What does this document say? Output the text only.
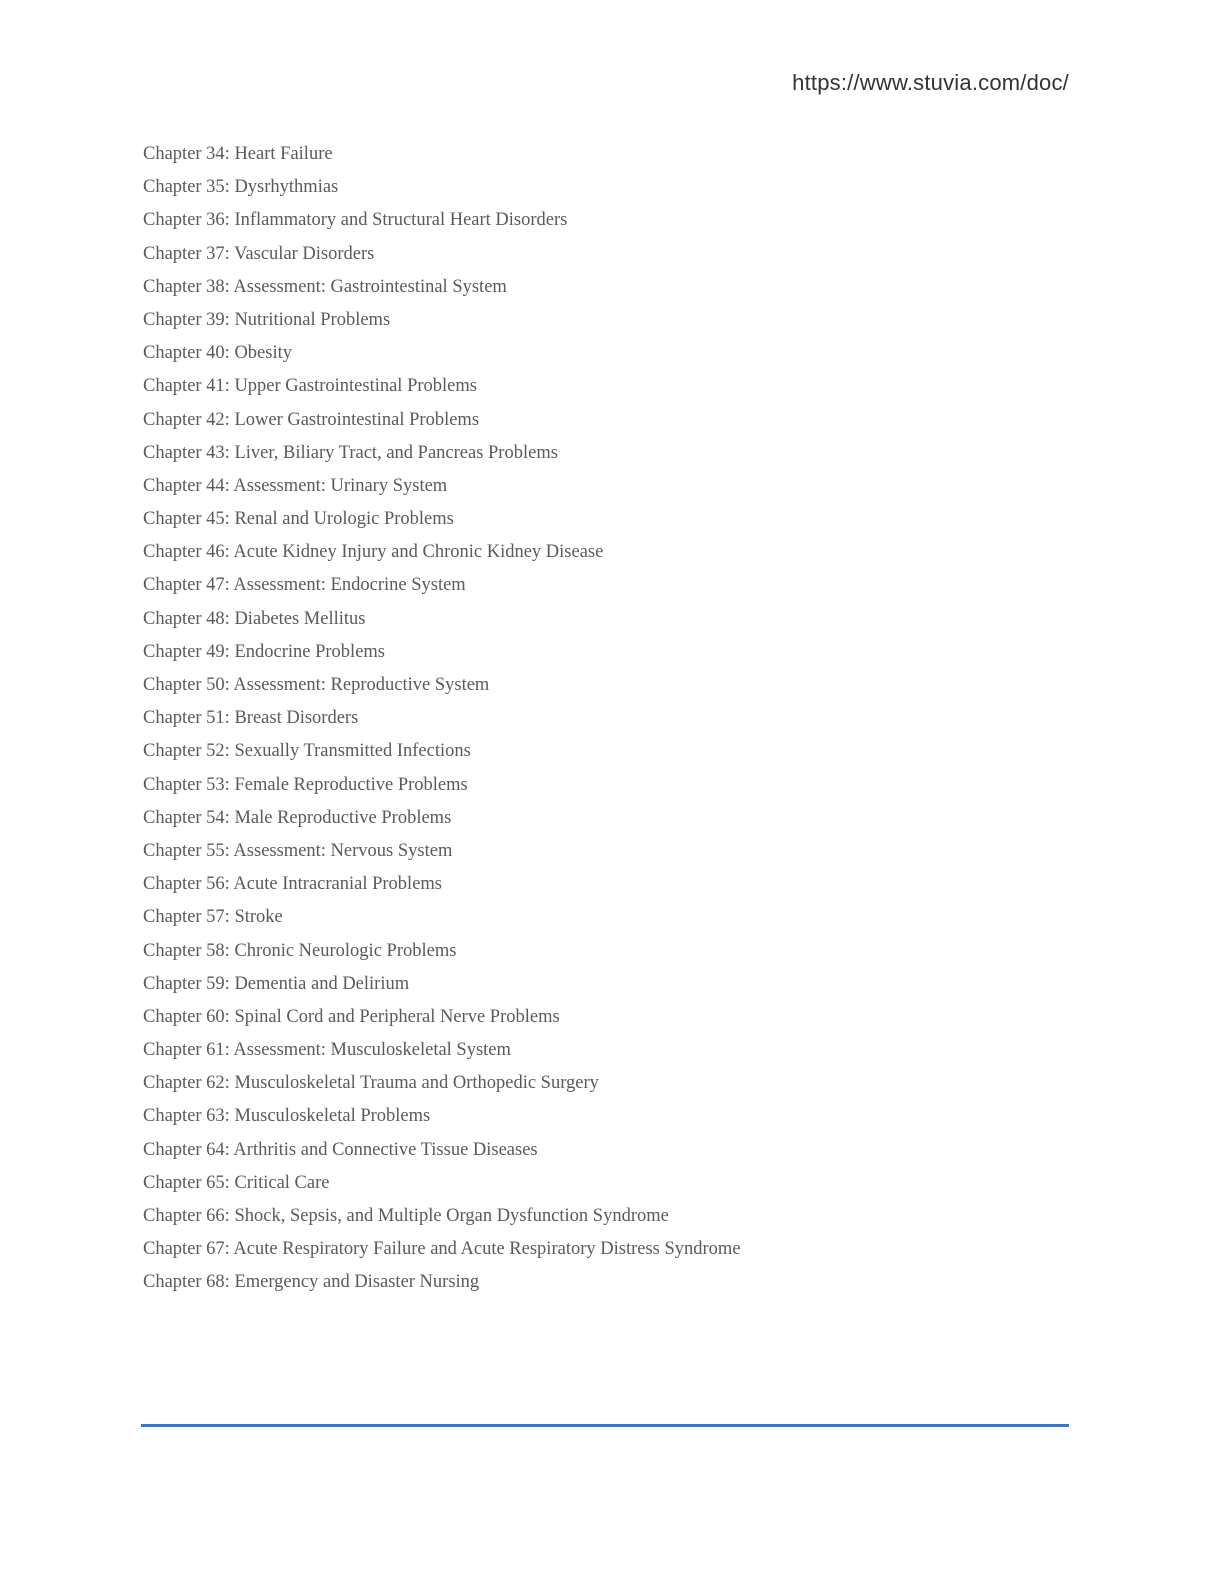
https://www.stuvia.com/doc/
Chapter 34: Heart Failure
Chapter 35: Dysrhythmias
Chapter 36: Inflammatory and Structural Heart Disorders
Chapter 37: Vascular Disorders
Chapter 38: Assessment: Gastrointestinal System
Chapter 39: Nutritional Problems
Chapter 40: Obesity
Chapter 41: Upper Gastrointestinal Problems
Chapter 42: Lower Gastrointestinal Problems
Chapter 43: Liver, Biliary Tract, and Pancreas Problems
Chapter 44: Assessment: Urinary System
Chapter 45: Renal and Urologic Problems
Chapter 46: Acute Kidney Injury and Chronic Kidney Disease
Chapter 47: Assessment: Endocrine System
Chapter 48: Diabetes Mellitus
Chapter 49: Endocrine Problems
Chapter 50: Assessment: Reproductive System
Chapter 51: Breast Disorders
Chapter 52: Sexually Transmitted Infections
Chapter 53: Female Reproductive Problems
Chapter 54: Male Reproductive Problems
Chapter 55: Assessment: Nervous System
Chapter 56: Acute Intracranial Problems
Chapter 57: Stroke
Chapter 58: Chronic Neurologic Problems
Chapter 59: Dementia and Delirium
Chapter 60: Spinal Cord and Peripheral Nerve Problems
Chapter 61: Assessment: Musculoskeletal System
Chapter 62: Musculoskeletal Trauma and Orthopedic Surgery
Chapter 63: Musculoskeletal Problems
Chapter 64: Arthritis and Connective Tissue Diseases
Chapter 65: Critical Care
Chapter 66: Shock, Sepsis, and Multiple Organ Dysfunction Syndrome
Chapter 67: Acute Respiratory Failure and Acute Respiratory Distress Syndrome
Chapter 68: Emergency and Disaster Nursing
